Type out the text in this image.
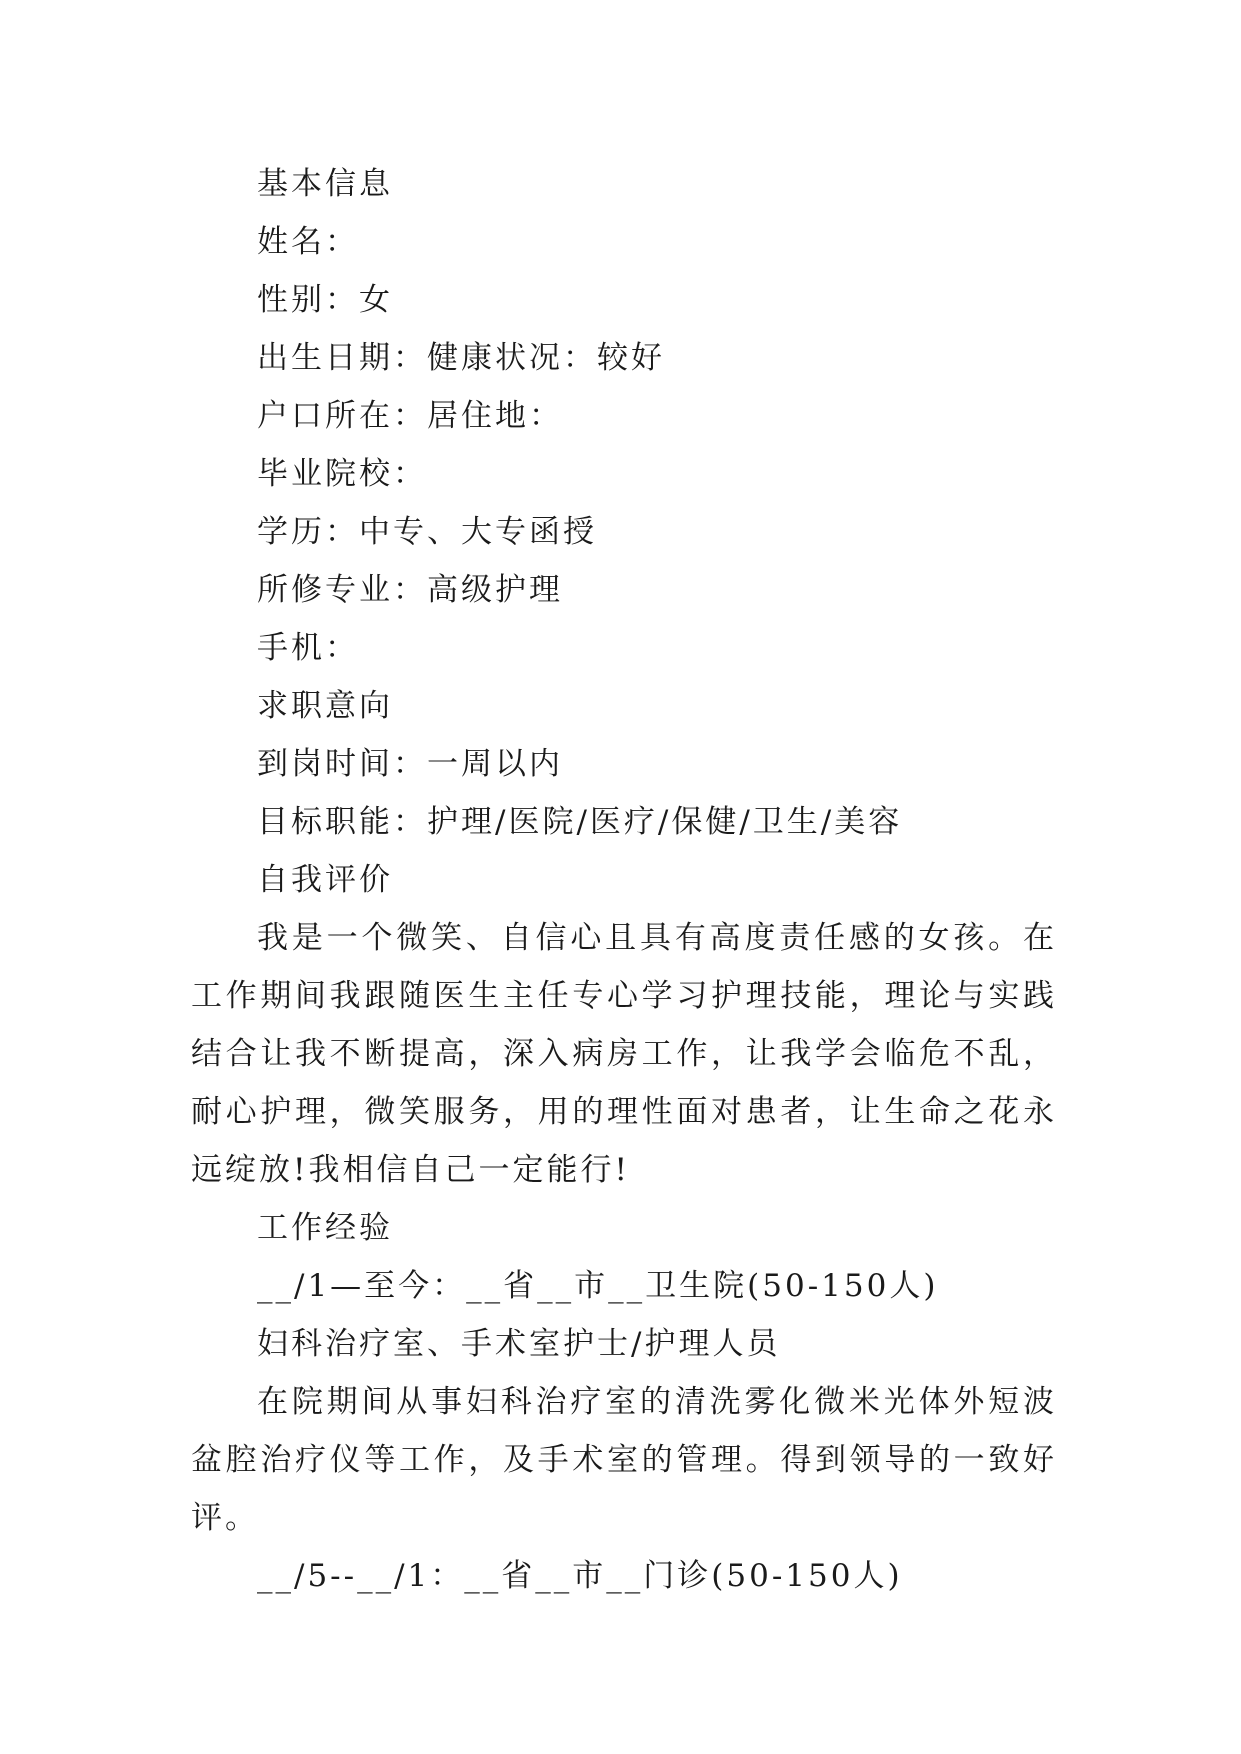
基本信息

姓名：

性别：女

出生日期：健康状况：较好

户口所在：居住地：

毕业院校：

学历：中专、大专函授

所修专业：高级护理

手机：

求职意向

到岗时间：一周以内

目标职能：护理/医院/医疗/保健/卫生/美容

自我评价

我是一个微笑、自信心且具有高度责任感的女孩。在工作期间我跟随医生主任专心学习护理技能，理论与实践结合让我不断提高，深入病房工作，让我学会临危不乱，耐心护理，微笑服务，用的理性面对患者，让生命之花永远绽放!我相信自己一定能行!

工作经验

__/1—至今：__省__市__卫生院(50-150人)

妇科治疗室、手术室护士/护理人员

在院期间从事妇科治疗室的清洗雾化微米光体外短波盆腔治疗仪等工作，及手术室的管理。得到领导的一致好评。

__/5--__/1：__省__市__门诊(50-150人)
